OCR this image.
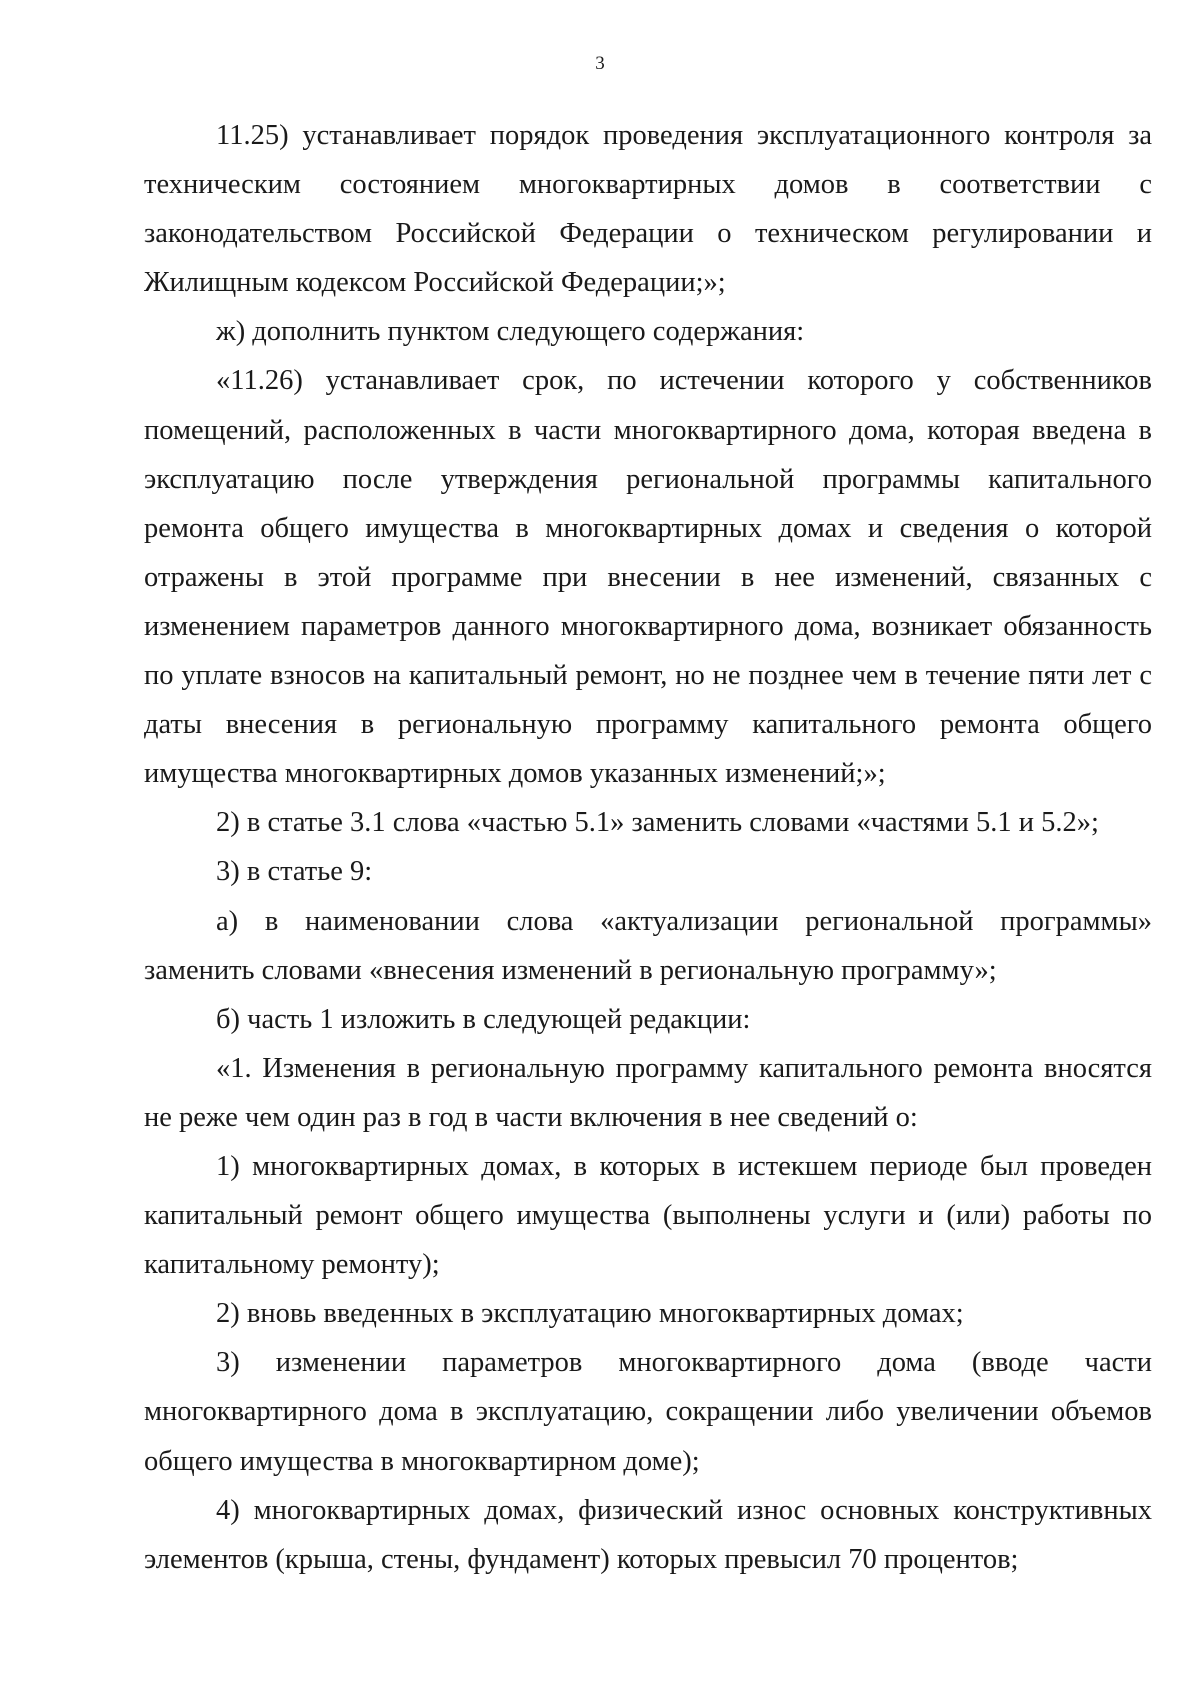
3

11.25) устанавливает порядок проведения эксплуатационного контроля за техническим состоянием многоквартирных домов в соответствии с законодательством Российской Федерации о техническом регулировании и Жилищным кодексом Российской Федерации;»;

ж) дополнить пунктом следующего содержания:

«11.26) устанавливает срок, по истечении которого у собственников помещений, расположенных в части многоквартирного дома, которая введена в эксплуатацию после утверждения региональной программы капитального ремонта общего имущества в многоквартирных домах и сведения о которой отражены в этой программе при внесении в нее изменений, связанных с изменением параметров данного многоквартирного дома, возникает обязанность по уплате взносов на капитальный ремонт, но не позднее чем в течение пяти лет с даты внесения в региональную программу капитального ремонта общего имущества многоквартирных домов указанных изменений;»;

2) в статье 3.1 слова «частью 5.1» заменить словами «частями 5.1 и 5.2»;

3) в статье 9:

а) в наименовании слова «актуализации региональной программы» заменить словами «внесения изменений в региональную программу»;

б) часть 1 изложить в следующей редакции:

«1. Изменения в региональную программу капитального ремонта вносятся не реже чем один раз в год в части включения в нее сведений о:

1) многоквартирных домах, в которых в истекшем периоде был проведен капитальный ремонт общего имущества (выполнены услуги и (или) работы по капитальному ремонту);

2) вновь введенных в эксплуатацию многоквартирных домах;

3) изменении параметров многоквартирного дома (вводе части многоквартирного дома в эксплуатацию, сокращении либо увеличении объемов общего имущества в многоквартирном доме);

4) многоквартирных домах, физический износ основных конструктивных элементов (крыша, стены, фундамент) которых превысил 70 процентов;
